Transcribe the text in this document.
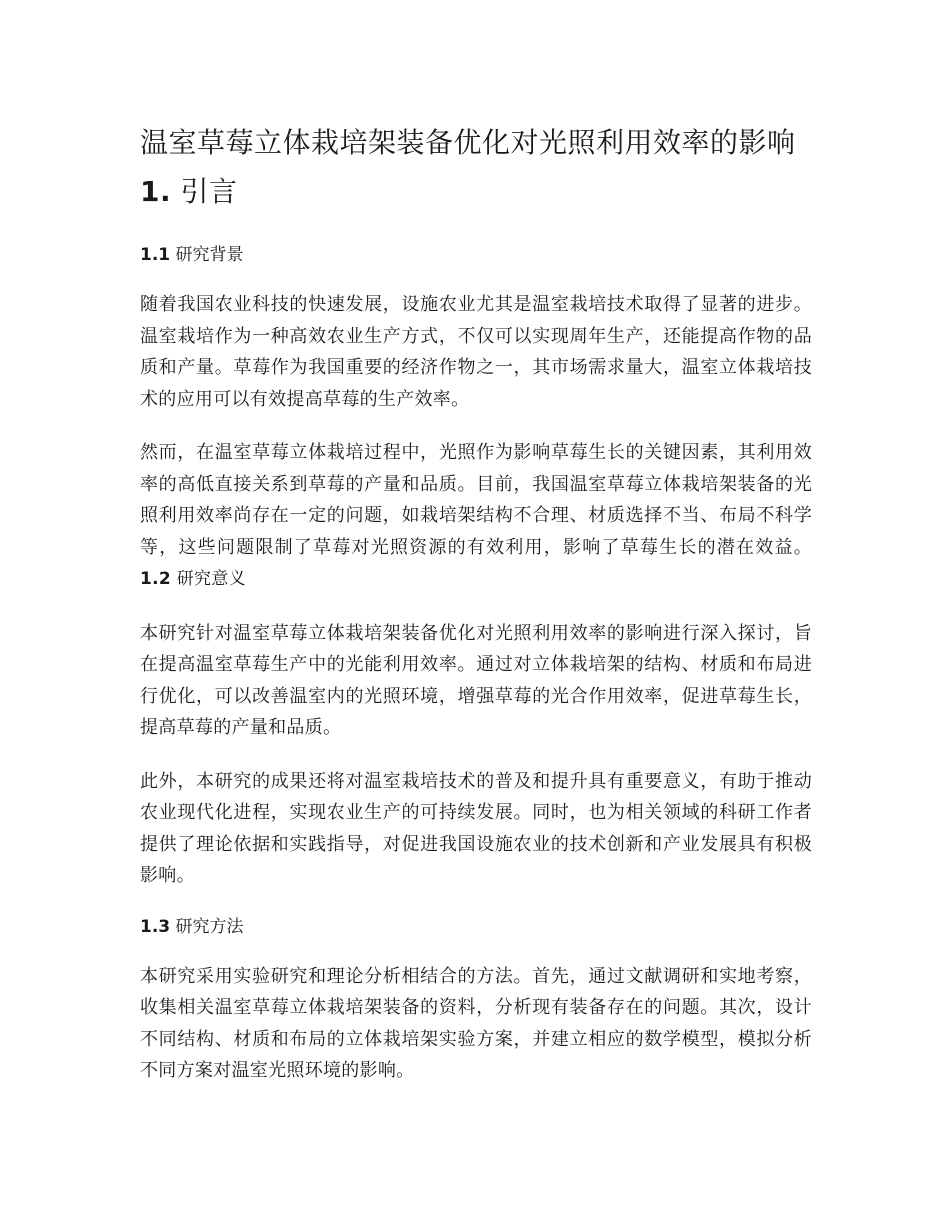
温室草莓立体栽培架装备优化对光照利用效率的影响 1. 引言
1.1 研究背景

随着我国农业科技的快速发展，设施农业尤其是温室栽培技术取得了显著的进步。温室栽培作为一种高效农业生产方式，不仅可以实现周年生产，还能提高作物的品质和产量。草莓作为我国重要的经济作物之一，其市场需求量大，温室立体栽培技术的应用可以有效提高草莓的生产效率。

然而，在温室草莓立体栽培过程中，光照作为影响草莓生长的关键因素，其利用效率的高低直接关系到草莓的产量和品质。目前，我国温室草莓立体栽培架装备的光照利用效率尚存在一定的问题，如栽培架结构不合理、材质选择不当、布局不科学等，这些问题限制了草莓对光照资源的有效利用，影响了草莓生长的潜在效益。 1.2 研究意义

本研究针对温室草莓立体栽培架装备优化对光照利用效率的影响进行深入探讨，旨在提高温室草莓生产中的光能利用效率。通过对立体栽培架的结构、材质和布局进行优化，可以改善温室内的光照环境，增强草莓的光合作用效率，促进草莓生长，提高草莓的产量和品质。

此外，本研究的成果还将对温室栽培技术的普及和提升具有重要意义，有助于推动农业现代化进程，实现农业生产的可持续发展。同时，也为相关领域的科研工作者提供了理论依据和实践指导，对促进我国设施农业的技术创新和产业发展具有积极影响。

1.3 研究方法

本研究采用实验研究和理论分析相结合的方法。首先，通过文献调研和实地考察，收集相关温室草莓立体栽培架装备的资料，分析现有装备存在的问题。其次，设计不同结构、材质和布局的立体栽培架实验方案，并建立相应的数学模型，模拟分析不同方案对温室光照环境的影响。
